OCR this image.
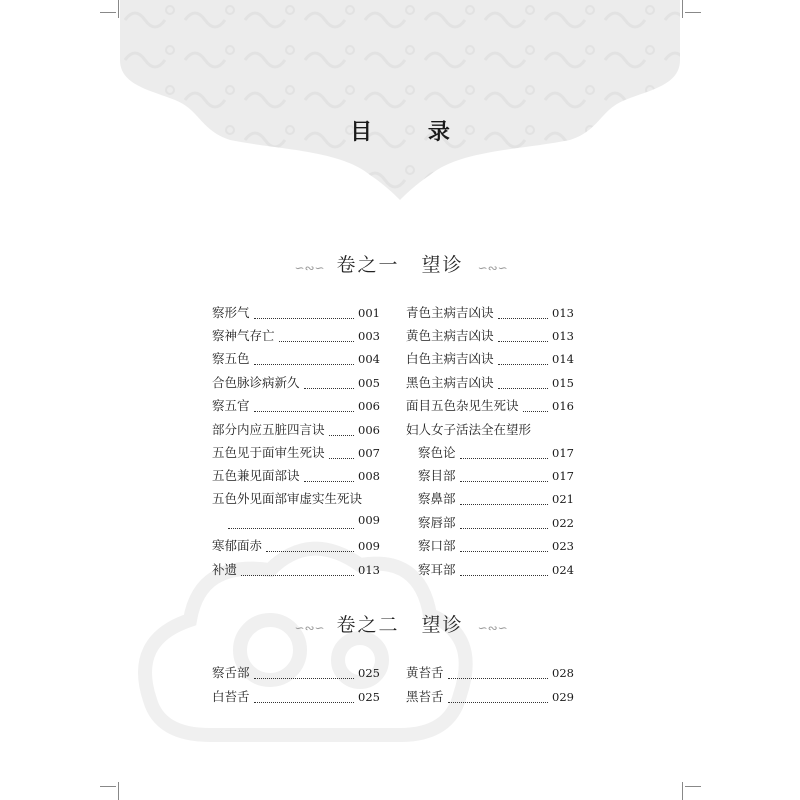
目 录
∽∾∽ 卷之一 望诊 ∽∾∽
察形气	001
察神气存亡	003
察五色	004
合色脉诊病新久	005
察五官	006
部分内应五脏四言诀	006
五色见于面审生死诀	007
五色兼见面部诀	008
五色外见面部审虚实生死诀
009
寒郁面赤	009
补遗	013
青色主病吉凶诀	013
黄色主病吉凶诀	013
白色主病吉凶诀	014
黑色主病吉凶诀	015
面目五色杂见生死诀	016
妇人女子活法全在望形
察色论	017
察目部	017
察鼻部	021
察唇部	022
察口部	023
察耳部	024
∽∾∽ 卷之二 望诊 ∽∾∽
察舌部	025
白苔舌	025
黄苔舌	028
黑苔舌	029
